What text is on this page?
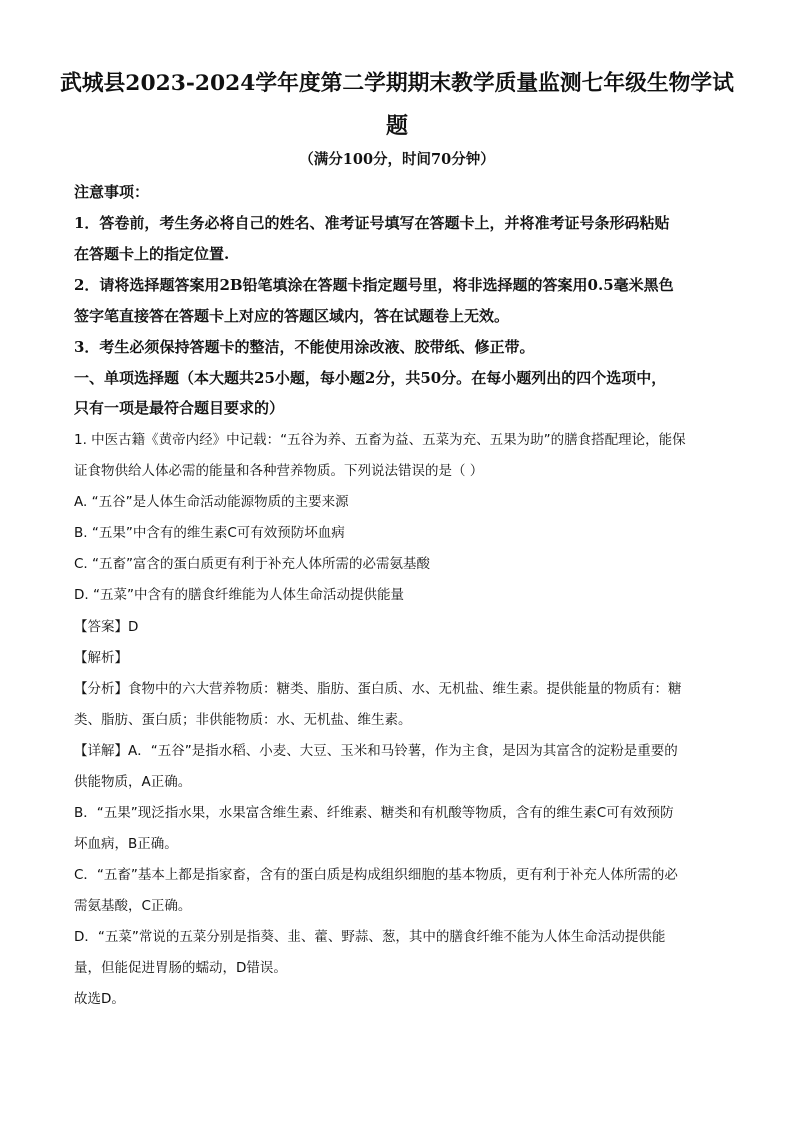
武城县2023-2024学年度第二学期期末教学质量监测七年级生物学试
题
（满分100分，时间70分钟）
注意事项：
1．答卷前，考生务必将自己的姓名、准考证号填写在答题卡上，并将准考证号条形码粘贴
在答题卡上的指定位置.
2．请将选择题答案用2B铅笔填涂在答题卡指定题号里，将非选择题的答案用0.5毫米黑色
签字笔直接答在答题卡上对应的答题区域内，答在试题卷上无效。
3．考生必须保持答题卡的整洁，不能使用涂改液、胶带纸、修正带。
一、单项选择题（本大题共25小题，每小题2分，共50分。在每小题列出的四个选项中，
只有一项是最符合题目要求的）
1. 中医古籍《黄帝内经》中记载：“五谷为养、五畜为益、五菜为充、五果为助”的膳食搭配理论，能保
证食物供给人体必需的能量和各种营养物质。下列说法错误的是（ ）
A. “五谷”是人体生命活动能源物质的主要来源
B. “五果”中含有的维生素C可有效预防坏血病
C. “五畜”富含的蛋白质更有利于补充人体所需的必需氨基酸
D. “五菜”中含有的膳食纤维能为人体生命活动提供能量
【答案】D
【解析】
【分析】食物中的六大营养物质：糖类、脂肪、蛋白质、水、无机盐、维生素。提供能量的物质有：糖
类、脂肪、蛋白质；非供能物质：水、无机盐、维生素。
【详解】A．“五谷”是指水稻、小麦、大豆、玉米和马铃薯，作为主食，是因为其富含的淀粉是重要的
供能物质，A正确。
B．“五果”现泛指水果，水果富含维生素、纤维素、糖类和有机酸等物质，含有的维生素C可有效预防
坏血病，B正确。
C．“五畜”基本上都是指家畜，含有的蛋白质是构成组织细胞的基本物质，更有利于补充人体所需的必
需氨基酸，C正确。
D．“五菜”常说的五菜分别是指葵、韭、藿、野蒜、葱，其中的膳食纤维不能为人体生命活动提供能
量，但能促进胃肠的蠕动，D错误。
故选D。
